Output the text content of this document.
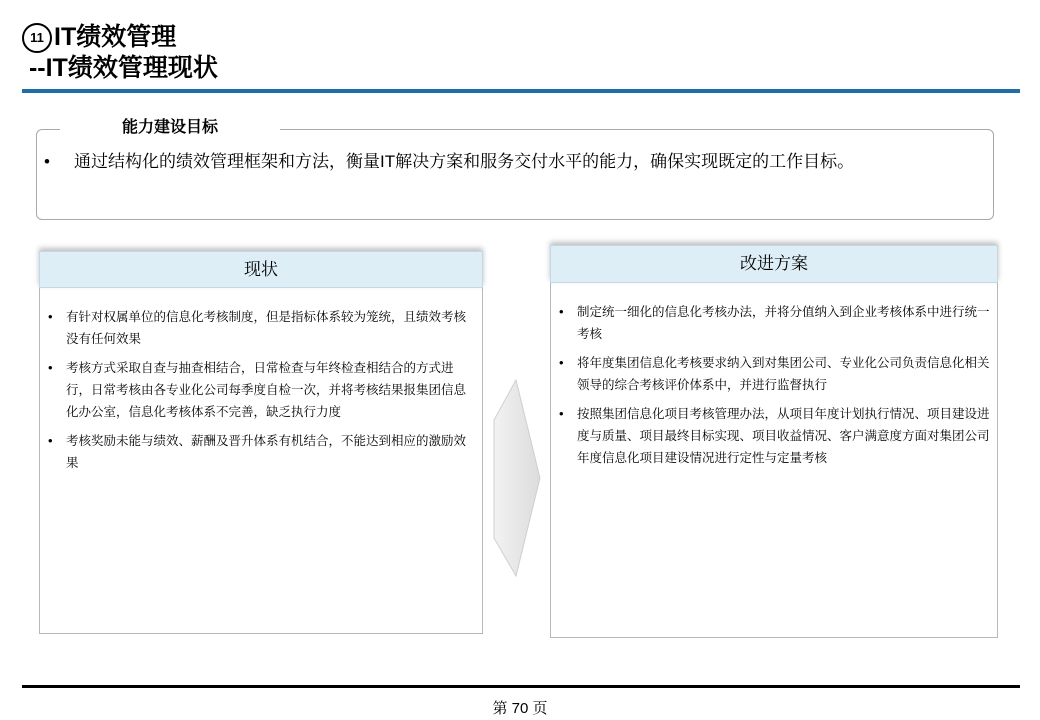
11 IT绩效管理
--IT绩效管理现状
能力建设目标
• 通过结构化的绩效管理框架和方法，衡量IT解决方案和服务交付水平的能力，确保实现既定的工作目标。
• 有针对权属单位的信息化考核制度，但是指标体系较为笼统，且绩效考核没有任何效果
• 考核方式采取自查与抽查相结合，日常检查与年终检查相结合的方式进行，日常考核由各专业化公司每季度自检一次，并将考核结果报集团信息化办公室，信息化考核体系不完善，缺乏执行力度
• 考核奖励未能与绩效、薪酬及晋升体系有机结合，不能达到相应的激励效果
现状
• 制定统一细化的信息化考核办法，并将分值纳入到企业考核体系中进行统一考核
• 将年度集团信息化考核要求纳入到对集团公司、专业化公司负责信息化相关领导的综合考核评价体系中，并进行监督执行
• 按照集团信息化项目考核管理办法，从项目年度计划执行情况、项目建设进度与质量、项目最终目标实现、项目收益情况、客户满意度方面对集团公司年度信息化项目建设情况进行定性与定量考核
改进方案
第 70 页
